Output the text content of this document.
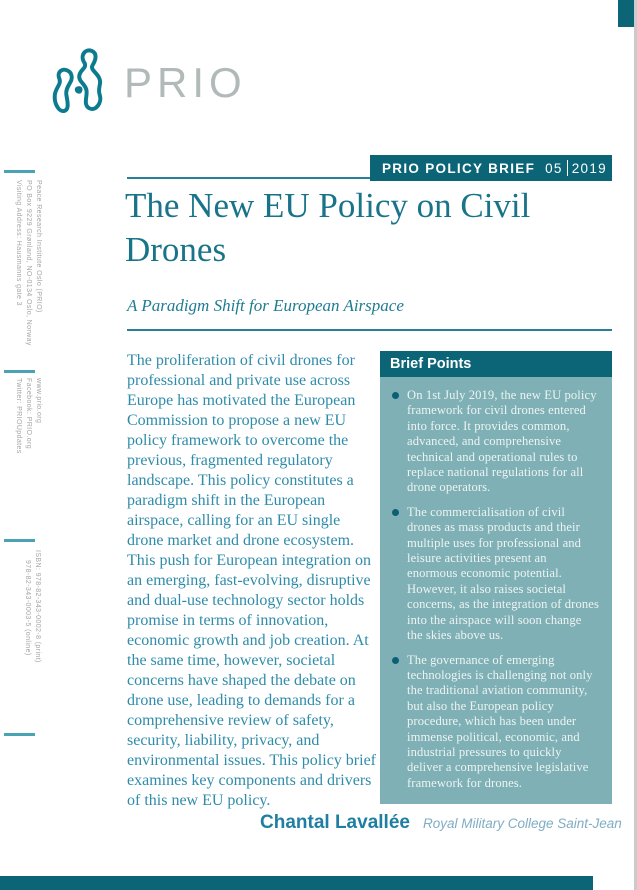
PRIO
PRIO POLICY BRIEF 05 2019
The New EU Policy on Civil Drones
A Paradigm Shift for European Airspace
Peace Research Institute Oslo (PRIO)
PO Box 9229 Grønland, NO-0134 Oslo, Norway
Visiting Address: Hausmanns gate 3
www.prio.org
Facebook: PRIO.org
Twitter: PRIOUpdates
ISBN: 978-82-343-0002-8 (print)
978-82-343-0003-5 (online)

The proliferation of civil drones for professional and private use across Europe has motivated the European Commission to propose a new EU policy framework to overcome the previous, fragmented regulatory landscape. This policy constitutes a paradigm shift in the European airspace, calling for an EU single drone market and drone ecosystem. This push for European integration on an emerging, fast-evolving, disruptive and dual-use technology sector holds promise in terms of innovation, economic growth and job creation. At the same time, however, societal concerns have shaped the debate on drone use, leading to demands for a comprehensive review of safety, security, liability, privacy, and environmental issues. This policy brief examines key components and drivers of this new EU policy.

Brief Points

On 1st July 2019, the new EU policy framework for civil drones entered into force. It provides common, advanced, and comprehensive technical and operational rules to replace national regulations for all drone operators.

The commercialisation of civil drones as mass products and their multiple uses for professional and leisure activities present an enormous economic potential. However, it also raises societal concerns, as the integration of drones into the airspace will soon change the skies above us.

The governance of emerging technologies is challenging not only the traditional aviation community, but also the European policy procedure, which has been under immense political, economic, and industrial pressures to quickly deliver a comprehensive legislative framework for drones.

Chantal Lavallée Royal Military College Saint-Jean
